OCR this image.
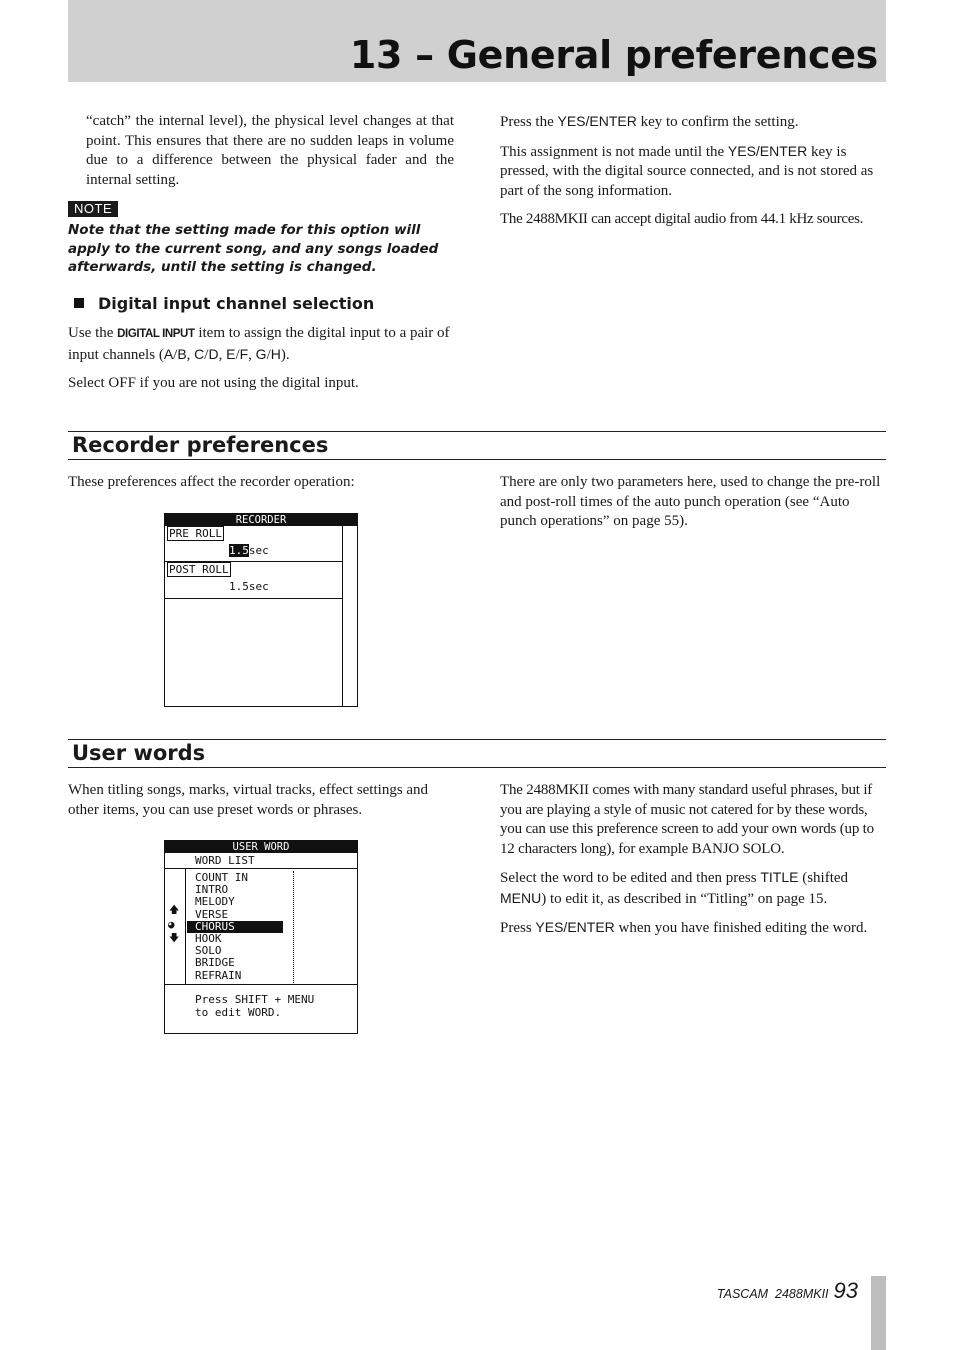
13 – General preferences

“catch” the internal level), the physical level changes at that point. This ensures that there are no sudden leaps in volume due to a difference between the physical fader and the internal setting.

NOTE
Note that the setting made for this option will apply to the current song, and any songs loaded afterwards, until the setting is changed.
Digital input channel selection

Use the DIGITAL INPUT item to assign the digital input to a pair of input channels (A/B, C/D, E/F, G/H).

Select OFF if you are not using the digital input.

Press the YES/ENTER key to confirm the setting.

This assignment is not made until the YES/ENTER key is pressed, with the digital source connected, and is not stored as part of the song information.

The 2488MKII can accept digital audio from 44.1 kHz sources.

Recorder preferences
These preferences affect the recorder operation:	There are only two parameters here, used to change the pre-roll and post-roll times of the auto punch operation (see “Auto punch operations” on page 55).
RECORDER
PRE ROLL
1.5sec
POST ROLL
1.5sec
User words
When titling songs, marks, virtual tracks, effect settings and other items, you can use preset words or phrases.

The 2488MKII comes with many standard useful phrases, but if you are playing a style of music not catered for by these words, you can use this preference screen to add your own words (up to 12 characters long), for example BANJO SOLO.

Select the word to be edited and then press TITLE (shifted MENU) to edit it, as described in “Titling” on page 15.

Press YES/ENTER when you have finished editing the word.

USER WORD
WORD LIST
🡅
◕
🡇
COUNT IN
INTRO
MELODY
VERSE
CHORUS
HOOK
SOLO
BRIDGE
REFRAIN
Press SHIFT + MENU
to edit WORD.
TASCAM  2488MKII 93
